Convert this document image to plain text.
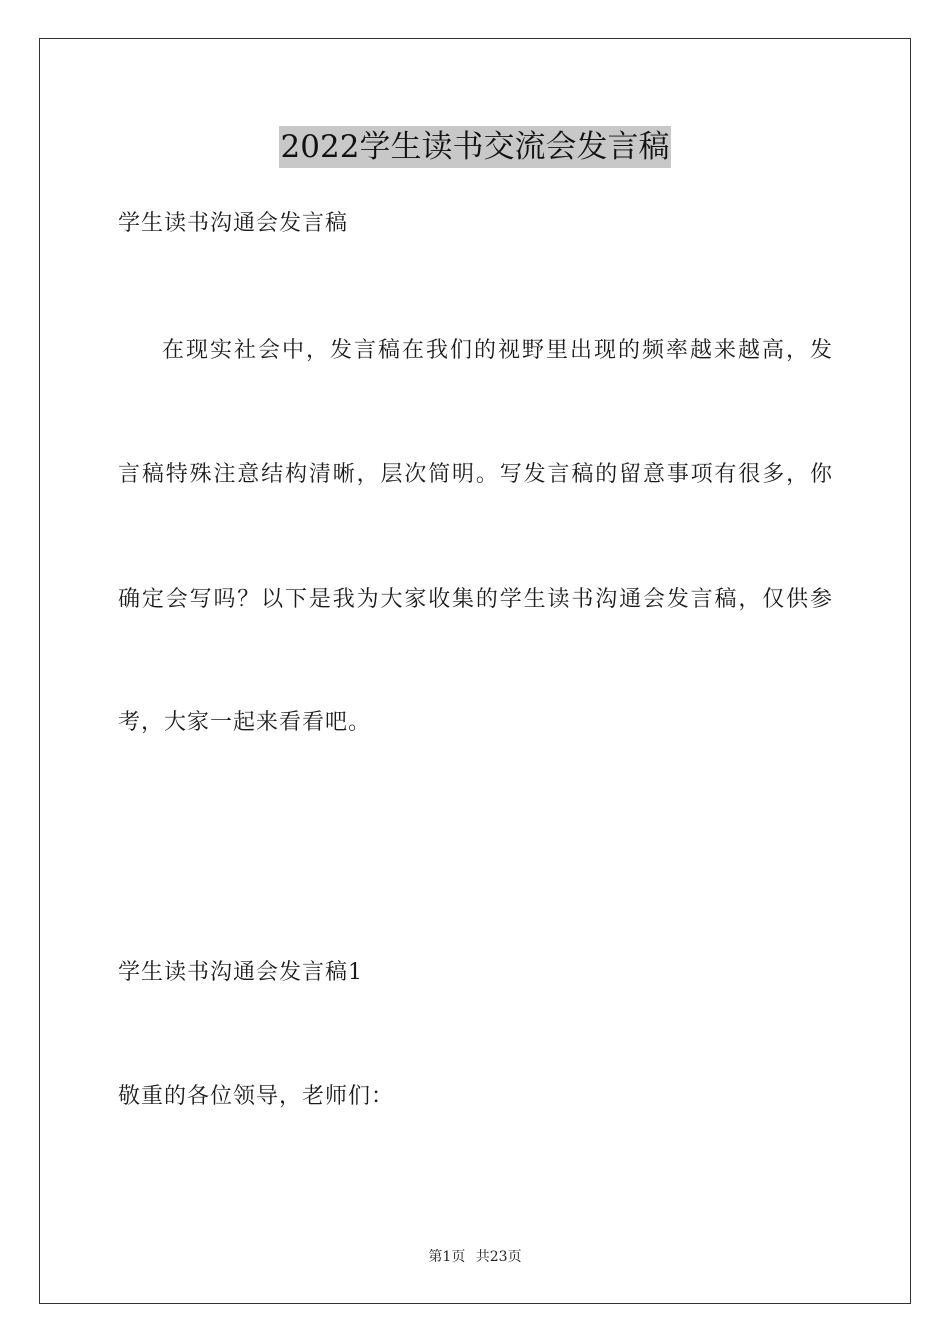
2022学生读书交流会发言稿
学生读书沟通会发言稿
在现实社会中，发言稿在我们的视野里出现的频率越来越高，发
言稿特殊注意结构清晰，层次简明。写发言稿的留意事项有很多，你
确定会写吗？以下是我为大家收集的学生读书沟通会发言稿，仅供参
考，大家一起来看看吧。
学生读书沟通会发言稿1
敬重的各位领导，老师们：
第1页 共23页
